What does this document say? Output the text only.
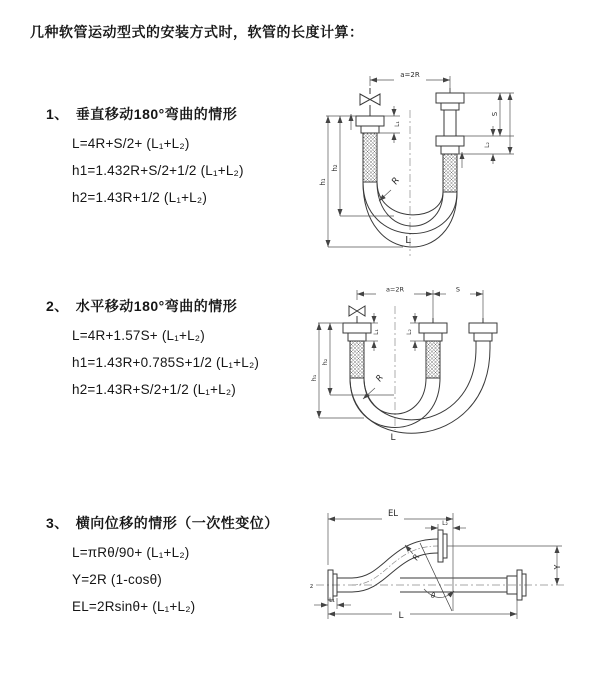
几种软管运动型式的安装方式时，软管的长度计算：
1、 垂直移动180°弯曲的情形
L=4R+S/2+ (L₁+L₂)
h1=1.432R+S/2+1/2 (L₁+L₂)
h2=1.43R+1/2 (L₁+L₂)
2、 水平移动180°弯曲的情形
L=4R+1.57S+ (L₁+L₂)
h1=1.43R+0.785S+1/2 (L₁+L₂)
h2=1.43R+S/2+1/2 (L₁+L₂)
3、 横向位移的情形（一次性变位）
L=πRθ/90+ (L₁+L₂)
Y=2R (1-cosθ)
EL=2Rsinθ+ (L₁+L₂)
a=2R
h₂
h₁
L₁
S
L₂
R
L
a=2R	S
h₂
h₁
L₁	L₂
R
L
EL
L₂
Y
R
θ
L
L₁
z
